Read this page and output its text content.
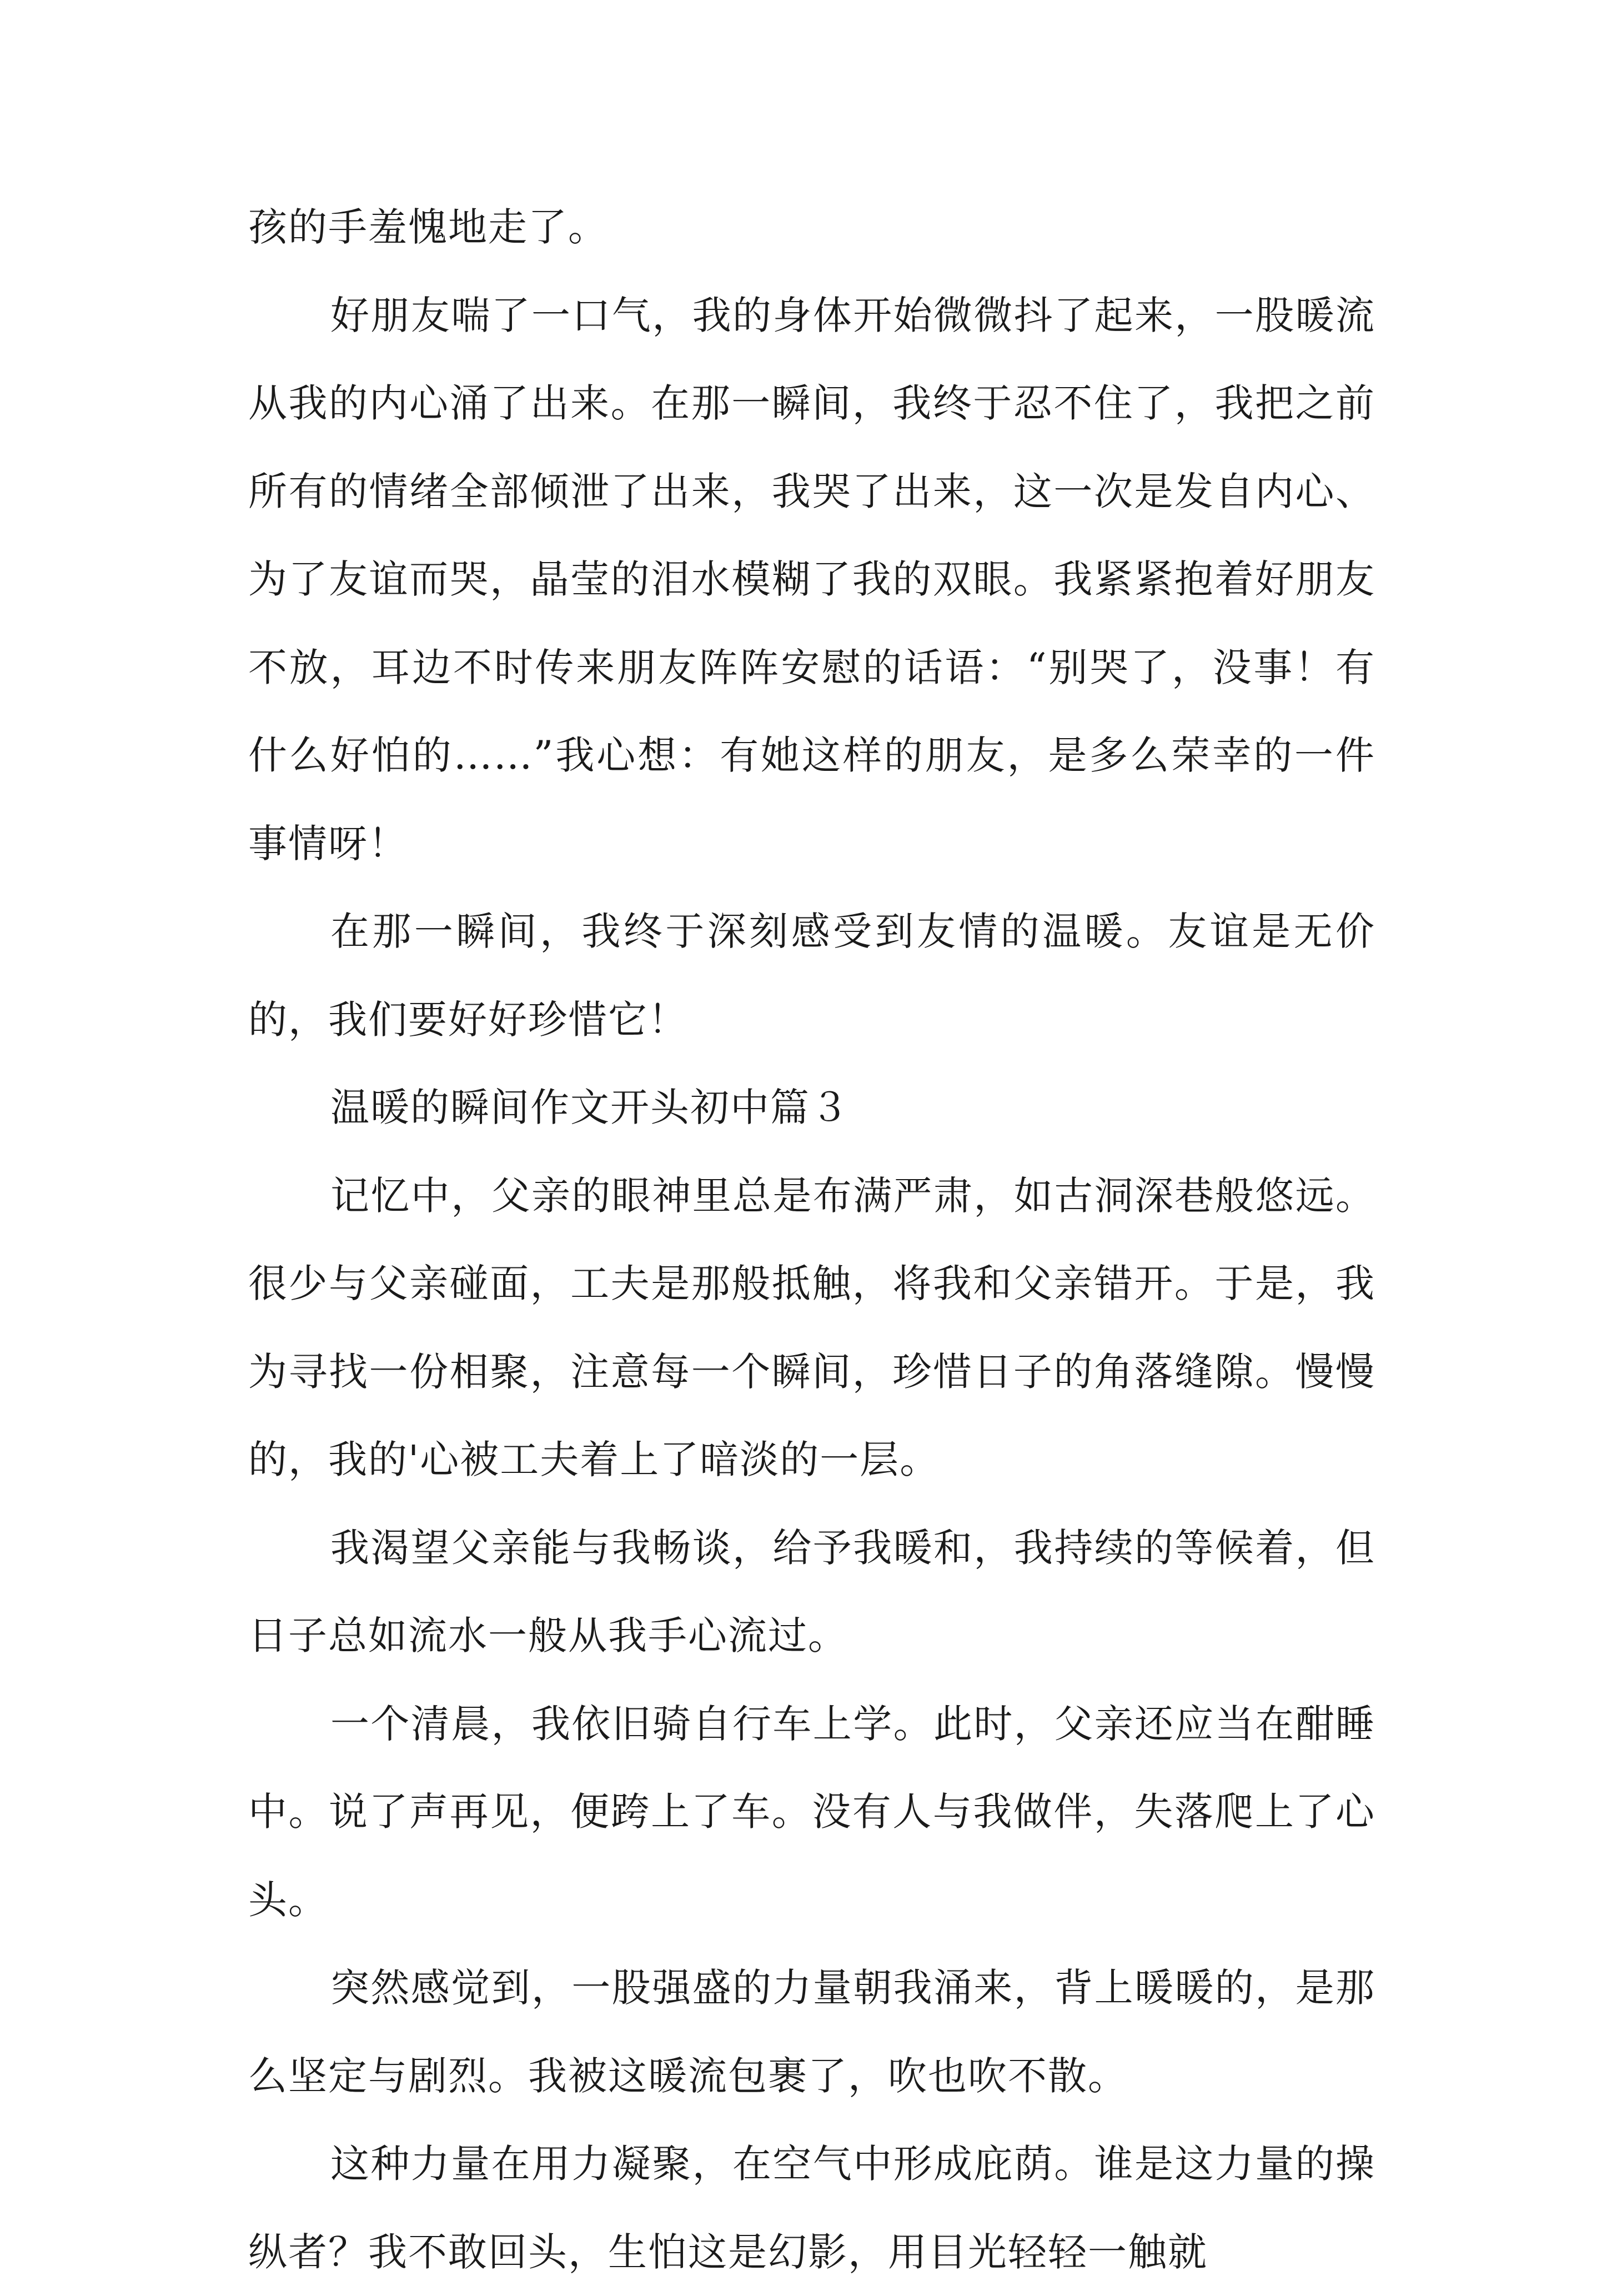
孩的手羞愧地走了。

好朋友喘了一口气，我的身体开始微微抖了起来，一股暖流从我的内心涌了出来。在那一瞬间，我终于忍不住了，我把之前所有的情绪全部倾泄了出来，我哭了出来，这一次是发自内心、为了友谊而哭，晶莹的泪水模糊了我的双眼。我紧紧抱着好朋友不放，耳边不时传来朋友阵阵安慰的话语：“别哭了，没事！有什么好怕的……”我心想：有她这样的朋友，是多么荣幸的一件事情呀！

在那一瞬间，我终于深刻感受到友情的温暖。友谊是无价的，我们要好好珍惜它！

温暖的瞬间作文开头初中篇３

记忆中，父亲的眼神里总是布满严肃，如古洞深巷般悠远。很少与父亲碰面，工夫是那般抵触，将我和父亲错开。于是，我为寻找一份相聚，注意每一个瞬间，珍惜日子的角落缝隙。慢慢的，我的'心被工夫着上了暗淡的一层。

我渴望父亲能与我畅谈，给予我暖和，我持续的等候着，但日子总如流水一般从我手心流过。

一个清晨，我依旧骑自行车上学。此时，父亲还应当在酣睡中。说了声再见，便跨上了车。没有人与我做伴，失落爬上了心头。

突然感觉到，一股强盛的力量朝我涌来，背上暖暖的，是那么坚定与剧烈。我被这暖流包裹了，吹也吹不散。

这种力量在用力凝聚，在空气中形成庇荫。谁是这力量的操纵者？我不敢回头，生怕这是幻影，用目光轻轻一触就
